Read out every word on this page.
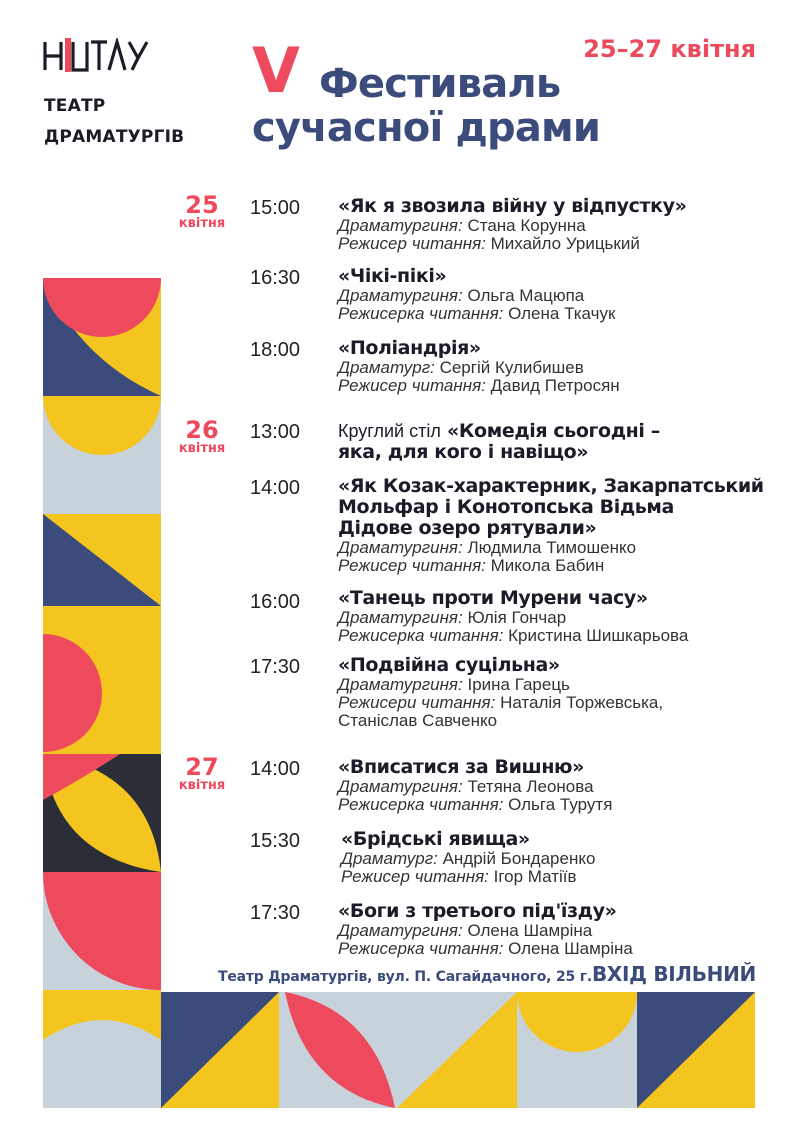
ТЕАТР
ДРАМАТУРГІВ
V Фестиваль
сучасної драми
25–27 квітня
25
квітня
15:00 «Як я звозила війну у відпустку»
Драматургиня: Стана Корунна
Режисер читання: Михайло Урицький
16:30 «Чікі-пікі»
Драматургиня: Ольга Мацюпа
Режисерка читання: Олена Ткачук
18:00 «Поліандрія»
Драматург: Сергій Кулибишев
Режисер читання: Давид Петросян
26
квітня
13:00 Круглий стіл «Комедія сьогодні –
яка, для кого і навіщо»
14:00 «Як Козак-характерник, Закарпатський
Мольфар і Конотопська Відьма
Дідове озеро рятували»
Драматургиня: Людмила Тимошенко
Режисер читання: Микола Бабин
16:00 «Танець проти Мурени часу»
Драматургиня: Юлія Гончар
Режисерка читання: Кристина Шишкарьова
17:30 «Подвійна суцільна»
Драматургиня: Ірина Гарець
Режисери читання: Наталія Торжевська,
Станіслав Савченко
27
квітня
14:00 «Вписатися за Вишню»
Драматургиня: Тетяна Леонова
Режисерка читання: Ольга Турутя
15:30 «Брідські явища»
Драматург: Андрій Бондаренко
Режисер читання: Ігор Матіїв
17:30 «Боги з третього під'їзду»
Драматургиня: Олена Шамріна
Режисерка читання: Олена Шамріна
Театр Драматургів, вул. П. Сагайдачного, 25 г.ВХІД ВІЛЬНИЙ
